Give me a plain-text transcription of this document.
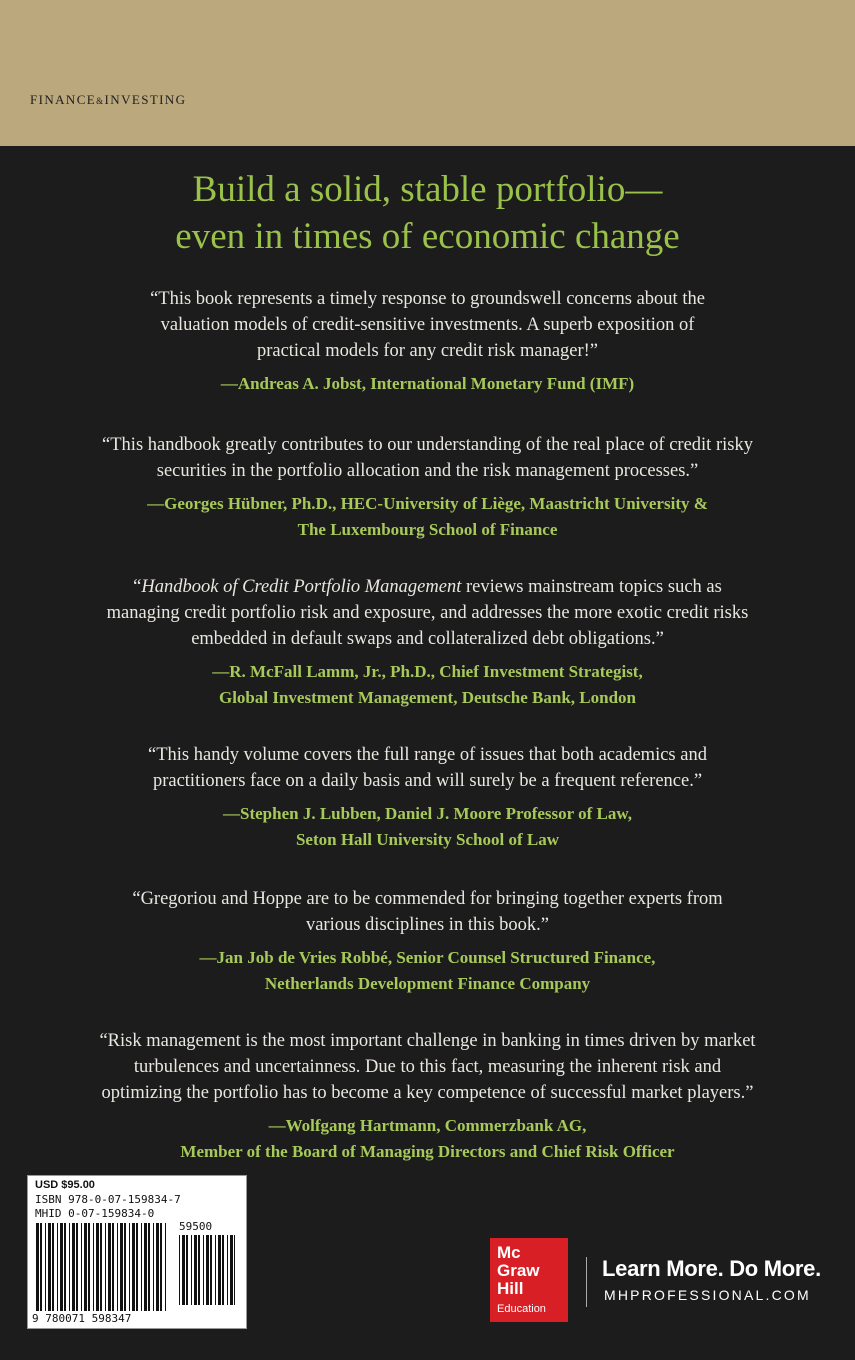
FINANCE&INVESTING
Build a solid, stable portfolio—
even in times of economic change
“This book represents a timely response to groundswell concerns about the
valuation models of credit-sensitive investments. A superb exposition of
practical models for any credit risk manager!”
—Andreas A. Jobst, International Monetary Fund (IMF)
“This handbook greatly contributes to our understanding of the real place of credit risky
securities in the portfolio allocation and the risk management processes.”
—Georges Hübner, Ph.D., HEC-University of Liège, Maastricht University &
The Luxembourg School of Finance
“Handbook of Credit Portfolio Management reviews mainstream topics such as
managing credit portfolio risk and exposure, and addresses the more exotic credit risks
embedded in default swaps and collateralized debt obligations.”
—R. McFall Lamm, Jr., Ph.D., Chief Investment Strategist,
Global Investment Management, Deutsche Bank, London
“This handy volume covers the full range of issues that both academics and
practitioners face on a daily basis and will surely be a frequent reference.”
—Stephen J. Lubben, Daniel J. Moore Professor of Law,
Seton Hall University School of Law
“Gregoriou and Hoppe are to be commended for bringing together experts from
various disciplines in this book.”
—Jan Job de Vries Robbé, Senior Counsel Structured Finance,
Netherlands Development Finance Company
“Risk management is the most important challenge in banking in times driven by market
turbulences and uncertainness. Due to this fact, measuring the inherent risk and
optimizing the portfolio has to become a key competence of successful market players.”
—Wolfgang Hartmann, Commerzbank AG,
Member of the Board of Managing Directors and Chief Risk Officer
USD $95.00
ISBN 978-0-07-159834-7
MHID 0-07-159834-0
59500
9 780071 598347
Mc
Graw
Hill
Education
Learn More. Do More.
MHPROFESSIONAL.COM
